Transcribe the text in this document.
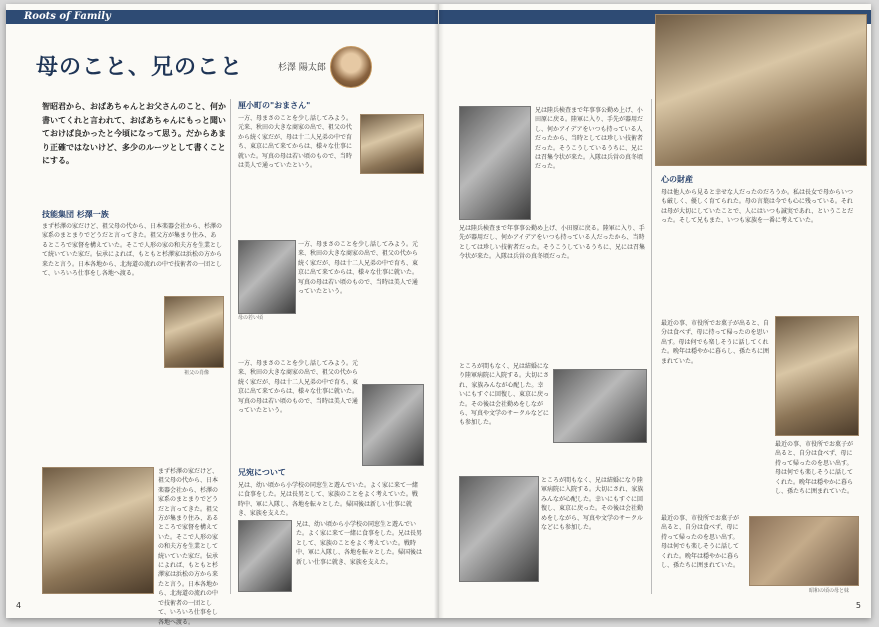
Roots of Family
母のこと、兄のこと	杉澤 陽太郎
智昭君から、おばあちゃんとお父さんのこと、何か書いてくれと言われて、おばあちゃんにもっと聞いておけば良かったと今頃になって思う。だからあまり正確ではないけど、多少のルーツとして書くことにする。
技能集団 杉澤一族
まず杉澤の家だけど、祖父母の代から、日本楽器会社から、杉澤の家系のまとまりでどうだと言ってきた。祖父方が集まり住み、あるところで家督を構えていた。そこで人形の家の和夫方を生業として続いていた家だ。伝承によれば、もともと杉澤家は浜松の方から来たと言う。日本各地から、北海道の流れの中で技術者の一団として、いろいろ仕事をし各地へ渡る。
祖父の肖像
まず杉澤の家だけど、祖父母の代から、日本楽器会社から、杉澤の家系のまとまりでどうだと言ってきた。祖父方が集まり住み、あるところで家督を構えていた。そこで人形の家の和夫方を生業として続いていた家だ。伝承によれば、もともと杉澤家は浜松の方から来たと言う。日本各地から、北海道の流れの中で技術者の一団として、いろいろ仕事をし各地へ渡る。
厘小町の"おまさん"
一方、母まさのことを少し話してみよう。元来、秋田の大きな商家の出で、祖父の代から続く家だが、母は十二人兄弟の中で育ち、東京に出て来てからは、様々な仕事に就いた。写真の母は若い頃のもので、当時は美人で通っていたという。
母の若い頃
一方、母まさのことを少し話してみよう。元来、秋田の大きな商家の出で、祖父の代から続く家だが、母は十二人兄弟の中で育ち、東京に出て来てからは、様々な仕事に就いた。写真の母は若い頃のもので、当時は美人で通っていたという。
一方、母まさのことを少し話してみよう。元来、秋田の大きな商家の出で、祖父の代から続く家だが、母は十二人兄弟の中で育ち、東京に出て来てからは、様々な仕事に就いた。写真の母は若い頃のもので、当時は美人で通っていたという。
兄宛について
兄は、幼い頃から小学校の同窓生と遊んでいた。よく家に来て一緒に食事をした。兄は長男として、家族のことをよく考えていた。戦時中、軍に入隊し、各地を転々とした。帰国後は新しい仕事に就き、家族を支えた。
兄は、幼い頃から小学校の同窓生と遊んでいた。よく家に来て一緒に食事をした。兄は長男として、家族のことをよく考えていた。戦時中、軍に入隊し、各地を転々とした。帰国後は新しい仕事に就き、家族を支えた。
4
兄は陸兵検査まで年事事公勤め上げ、小田原に戻る。陸軍に入り、手先が器用だし、何かアイデアをいつも持っている人だったから、当時としては珍しい技術者だった。そうこうしているうちに、兄には召集令状が来た。入隊は兵営の真冬頃だった。
兄は陸兵検査まで年事事公勤め上げ、小田原に戻る。陸軍に入り、手先が器用だし、何かアイデアをいつも持っている人だったから、当時としては珍しい技術者だった。そうこうしているうちに、兄には召集令状が来た。入隊は兵営の真冬頃だった。
ところが間もなく、兄は結婚になり陸軍病院に入院する。大切にされ、家族みんなが心配した。幸いにもすぐに回復し、東京に戻った。その後は会社勤めをしながら、写真や文学のサークルなどにも参加した。
ところが間もなく、兄は結婚になり陸軍病院に入院する。大切にされ、家族みんなが心配した。幸いにもすぐに回復し、東京に戻った。その後は会社勤めをしながら、写真や文学のサークルなどにも参加した。
心の財産
母は他人から見ると幸せな人だったのだろうか。私は長女で母からいつも厳しく、優しく育てられた。母の言葉は今でも心に残っている。それは母が大切にしていたことで、人にはいつも誠実であれ、ということだった。そして兄もまた、いつも家族を一番に考えていた。
最近の事、市役所でお菓子が出ると、自分は食べず、母に持って帰ったのを思い出す。母は何でも楽しそうに話してくれた。晩年は穏やかに暮らし、孫たちに囲まれていた。
最近の事、市役所でお菓子が出ると、自分は食べず、母に持って帰ったのを思い出す。母は何でも楽しそうに話してくれた。晩年は穏やかに暮らし、孫たちに囲まれていた。
最近の事、市役所でお菓子が出ると、自分は食べず、母に持って帰ったのを思い出す。母は何でも楽しそうに話してくれた。晩年は穏やかに暮らし、孫たちに囲まれていた。
昭和の頃の母と妹
5
